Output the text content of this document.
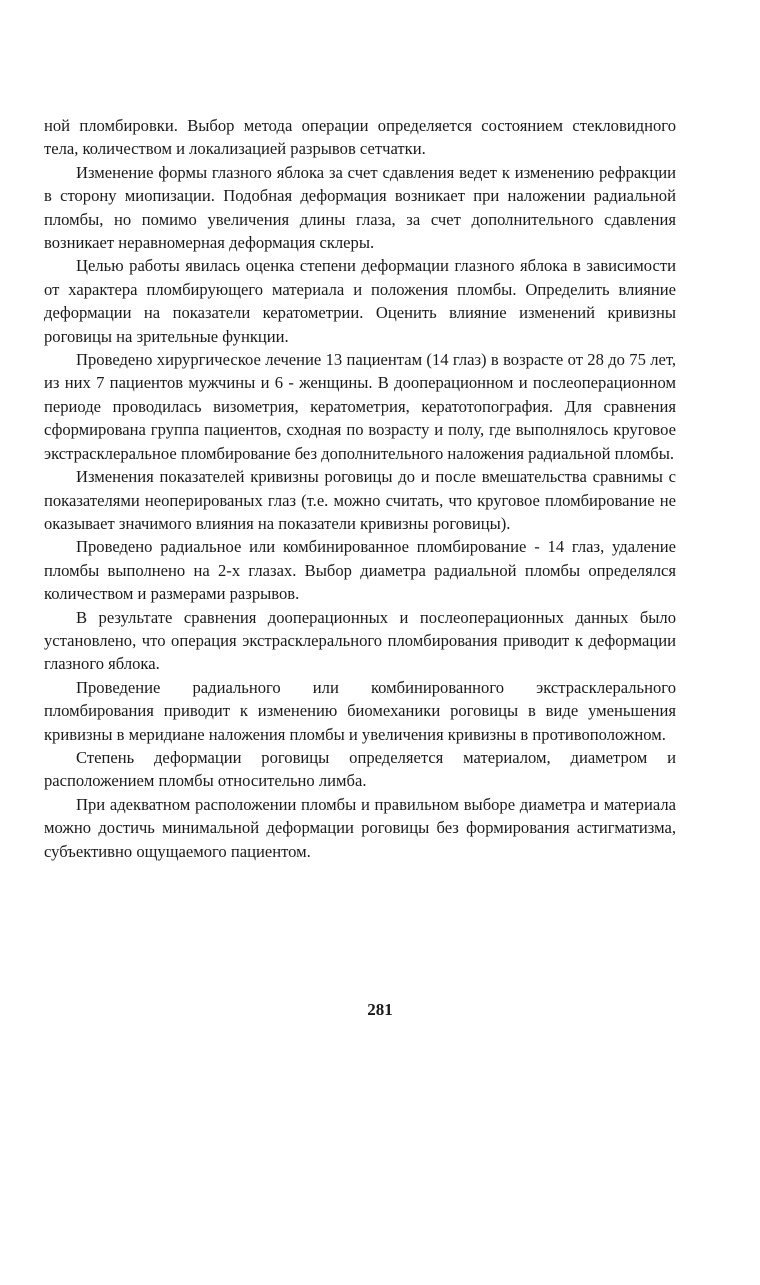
ной пломбировки. Выбор метода операции определяется состоянием стекловидного тела, количеством и локализацией разрывов сетчатки.

Изменение формы глазного яблока за счет сдавления ведет к изменению рефракции в сторону миопизации. Подобная деформация возникает при наложении радиальной пломбы, но помимо увеличения длины глаза, за счет дополнительного сдавления возникает неравномерная деформация склеры.

Целью работы явилась оценка степени деформации глазного яблока в зависимости от характера пломбирующего материала и положения пломбы. Определить влияние деформации на показатели кератометрии. Оценить влияние изменений кривизны роговицы на зрительные функции.

Проведено хирургическое лечение 13 пациентам (14 глаз) в возрасте от 28 до 75 лет, из них 7 пациентов мужчины и 6 - женщины. В дооперационном и послеоперационном периоде проводилась визометрия, кератометрия, кератотопография. Для сравнения сформирована группа пациентов, сходная по возрасту и полу, где выполнялось круговое экстрасклеральное пломбирование без дополнительного наложения радиальной пломбы.

Изменения показателей кривизны роговицы до и после вмешательства сравнимы с показателями неоперированых глаз (т.е. можно считать, что круговое пломбирование не оказывает значимого влияния на показатели кривизны роговицы).

Проведено радиальное или комбинированное пломбирование - 14 глаз, удаление пломбы выполнено на 2-х глазах. Выбор диаметра радиальной пломбы определялся количеством и размерами разрывов.

В результате сравнения дооперационных и послеоперационных данных было установлено, что операция экстрасклерального пломбирования приводит к деформации глазного яблока.

Проведение радиального или комбинированного экстрасклерального пломбирования приводит к изменению биомеханики роговицы в виде уменьшения кривизны в меридиане наложения пломбы и увеличения кривизны в противоположном.

Степень деформации роговицы определяется материалом, диаметром и расположением пломбы относительно лимба.

При адекватном расположении пломбы и правильном выборе диаметра и материала можно достичь минимальной деформации роговицы без формирования астигматизма, субъективно ощущаемого пациентом.

281
